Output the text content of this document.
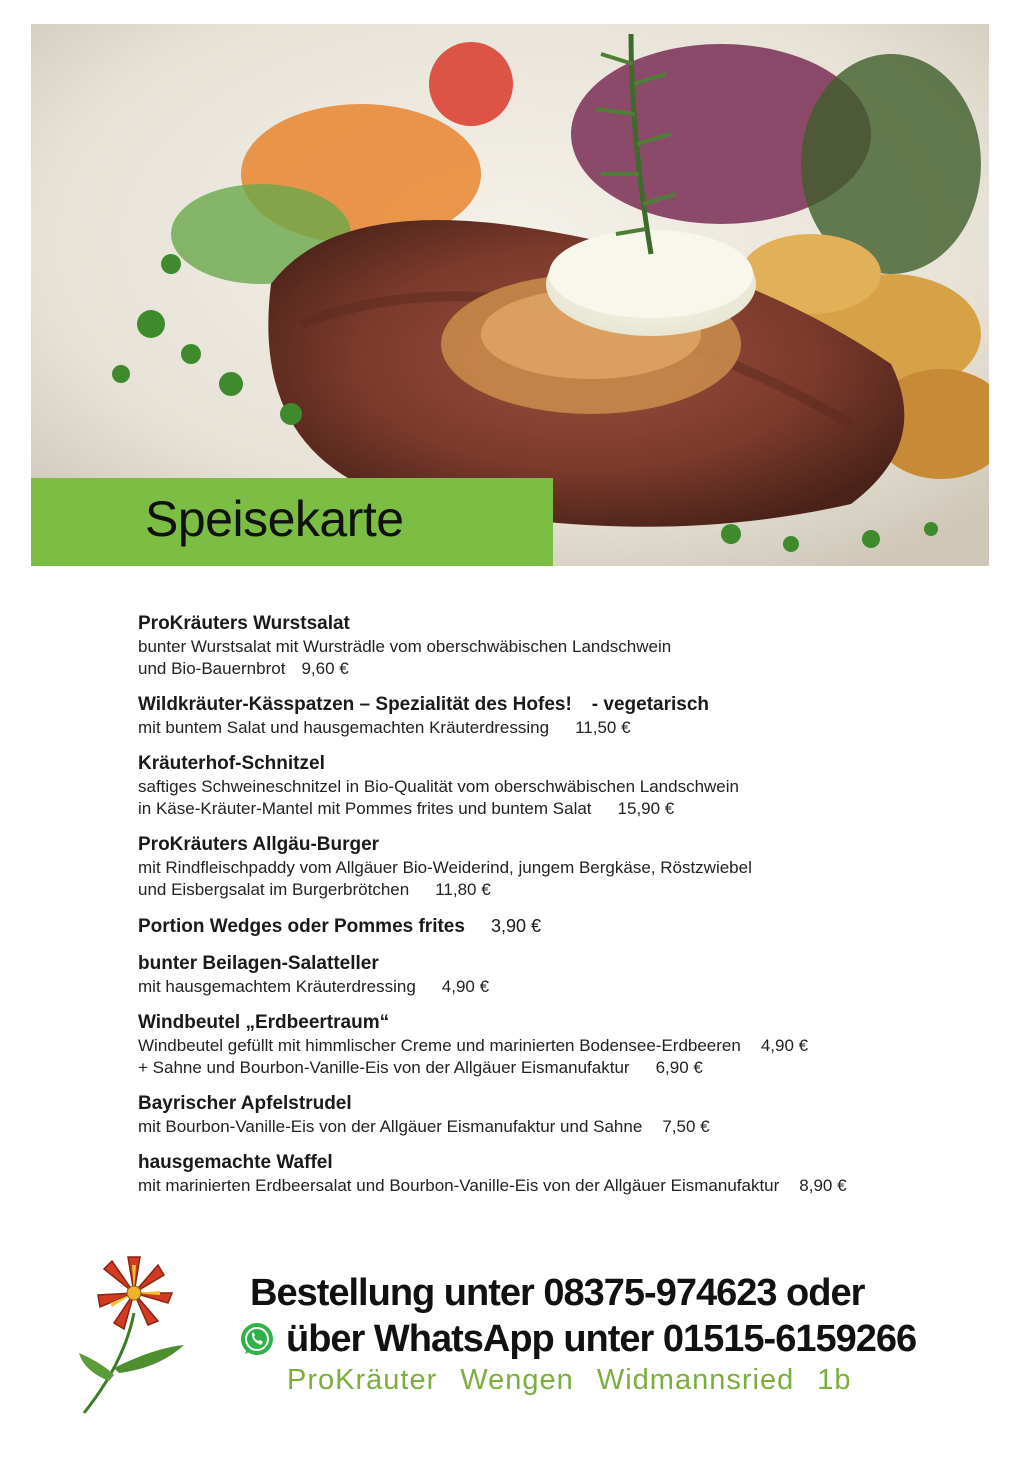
Speisekarte
ProKräuters Wurstsalat
bunter Wurstsalat mit Wursträdle vom oberschwäbischen Landschwein
und Bio-Bauernbrot 9,60 €
Wildkräuter-Kässpatzen – Spezialität des Hofes! - vegetarisch
mit buntem Salat und hausgemachten Kräuterdressing 11,50 €
Kräuterhof-Schnitzel
saftiges Schweineschnitzel in Bio-Qualität vom oberschwäbischen Landschwein
in Käse-Kräuter-Mantel mit Pommes frites und buntem Salat 15,90 €
ProKräuters Allgäu-Burger
mit Rindfleischpaddy vom Allgäuer Bio-Weiderind, jungem Bergkäse, Röstzwiebel
und Eisbergsalat im Burgerbrötchen 11,80 €
Portion Wedges oder Pommes frites 3,90 €
bunter Beilagen-Salatteller
mit hausgemachtem Kräuterdressing 4,90 €
Windbeutel „Erdbeertraum“
Windbeutel gefüllt mit himmlischer Creme und marinierten Bodensee-Erdbeeren 4,90 €
+ Sahne und Bourbon-Vanille-Eis von der Allgäuer Eismanufaktur 6,90 €
Bayrischer Apfelstrudel
mit Bourbon-Vanille-Eis von der Allgäuer Eismanufaktur und Sahne 7,50 €
hausgemachte Waffel
mit marinierten Erdbeersalat und Bourbon-Vanille-Eis von der Allgäuer Eismanufaktur 8,90 €
Bestellung unter 08375-974623 oder
über WhatsApp unter 01515-6159266
ProKräuter Wengen Widmannsried 1b
